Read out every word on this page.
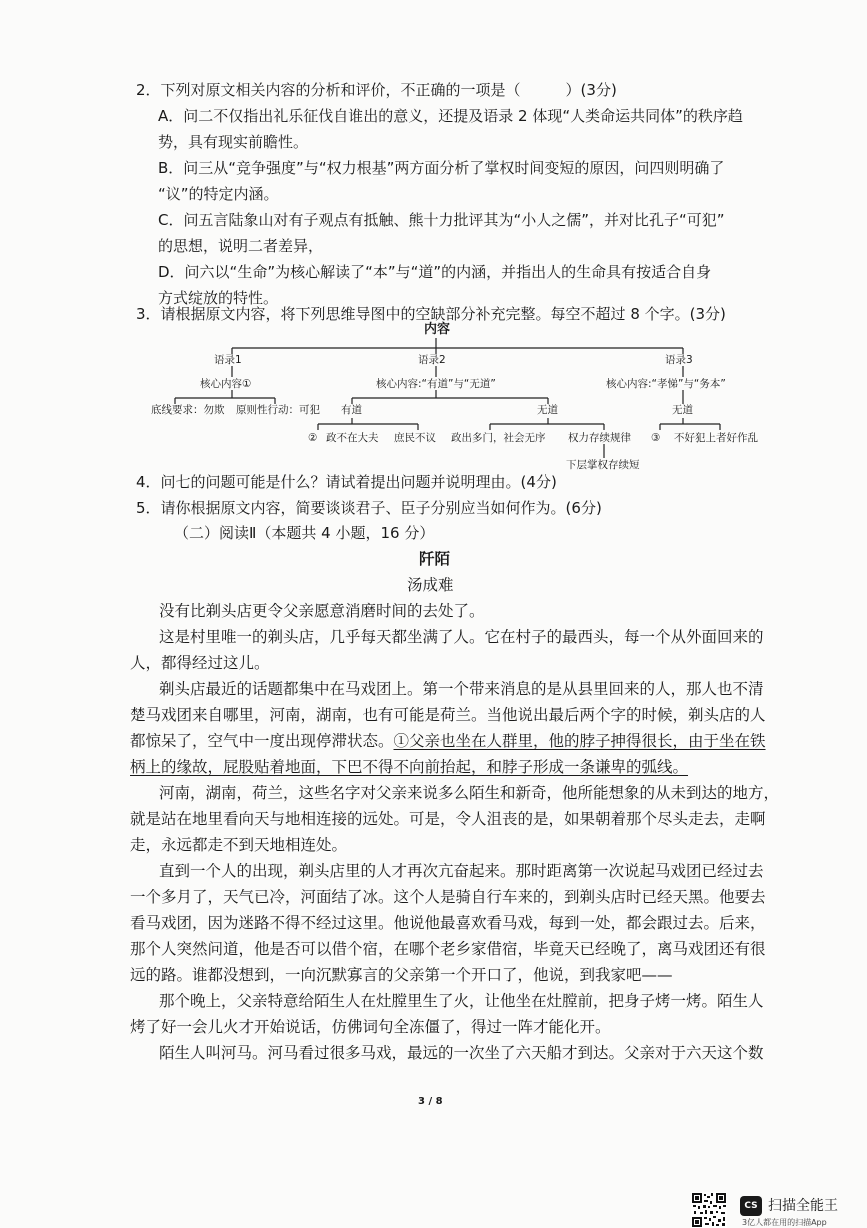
2．下列对原文相关内容的分析和评价，不正确的一项是（　　　）(3分)
A．问二不仅指出礼乐征伐自谁出的意义，还提及语录 2 体现“人类命运共同体”的秩序趋
势，具有现实前瞻性。
B．问三从“竞争强度”与“权力根基”两方面分析了掌权时间变短的原因，问四则明确了
“议”的特定内涵。
C．问五言陆象山对有子观点有抵触、熊十力批评其为“小人之儒”，并对比孔子“可犯”
的思想，说明二者差异，
D．问六以“生命”为核心解读了“本”与“道”的内涵，并指出人的生命具有按适合自身
方式绽放的特性。
3．请根据原文内容，将下列思维导图中的空缺部分补充完整。每空不超过 8 个字。(3分)
内容
语录1	语录2	语录3
核心内容①	核心内容:“有道”与“无道”	核心内容:“孝悌”与“务本”
底线要求：勿欺 原则性行动：可犯 有道	无道	无道
② 政不在大夫 庶民不议 政出多门，社会无序 权力存续规律 ③ 不好犯上者好作乱
下层掌权存续短
4．问七的问题可能是什么？请试着提出问题并说明理由。(4分)
5．请你根据原文内容，简要谈谈君子、臣子分别应当如何作为。(6分)
（二）阅读Ⅱ（本题共 4 小题，16 分）
阡陌
汤成难
没有比剃头店更令父亲愿意消磨时间的去处了。
这是村里唯一的剃头店，几乎每天都坐满了人。它在村子的最西头，每一个从外面回来的
人，都得经过这儿。
剃头店最近的话题都集中在马戏团上。第一个带来消息的是从县里回来的人，那人也不清
楚马戏团来自哪里，河南，湖南，也有可能是荷兰。当他说出最后两个字的时候，剃头店的人
都惊呆了，空气中一度出现停滞状态。①父亲也坐在人群里，他的脖子抻得很长，由于坐在铁
柄上的缘故，屁股贴着地面，下巴不得不向前抬起，和脖子形成一条谦卑的弧线。
河南，湖南，荷兰，这些名字对父亲来说多么陌生和新奇，他所能想象的从未到达的地方，
就是站在地里看向天与地相连接的远处。可是，令人沮丧的是，如果朝着那个尽头走去，走啊
走，永远都走不到天地相连处。
直到一个人的出现，剃头店里的人才再次亢奋起来。那时距离第一次说起马戏团已经过去
一个多月了，天气已冷，河面结了冰。这个人是骑自行车来的，到剃头店时已经天黑。他要去
看马戏团，因为迷路不得不经过这里。他说他最喜欢看马戏，每到一处，都会跟过去。后来，
那个人突然问道，他是否可以借个宿，在哪个老乡家借宿，毕竟天已经晚了，离马戏团还有很
远的路。谁都没想到，一向沉默寡言的父亲第一个开口了，他说，到我家吧——
那个晚上，父亲特意给陌生人在灶膛里生了火，让他坐在灶膛前，把身子烤一烤。陌生人
烤了好一会儿火才开始说话，仿佛词句全冻僵了，得过一阵才能化开。
陌生人叫河马。河马看过很多马戏，最远的一次坐了六天船才到达。父亲对于六天这个数
3 / 8
CS 扫描全能王
3亿人都在用的扫描App
